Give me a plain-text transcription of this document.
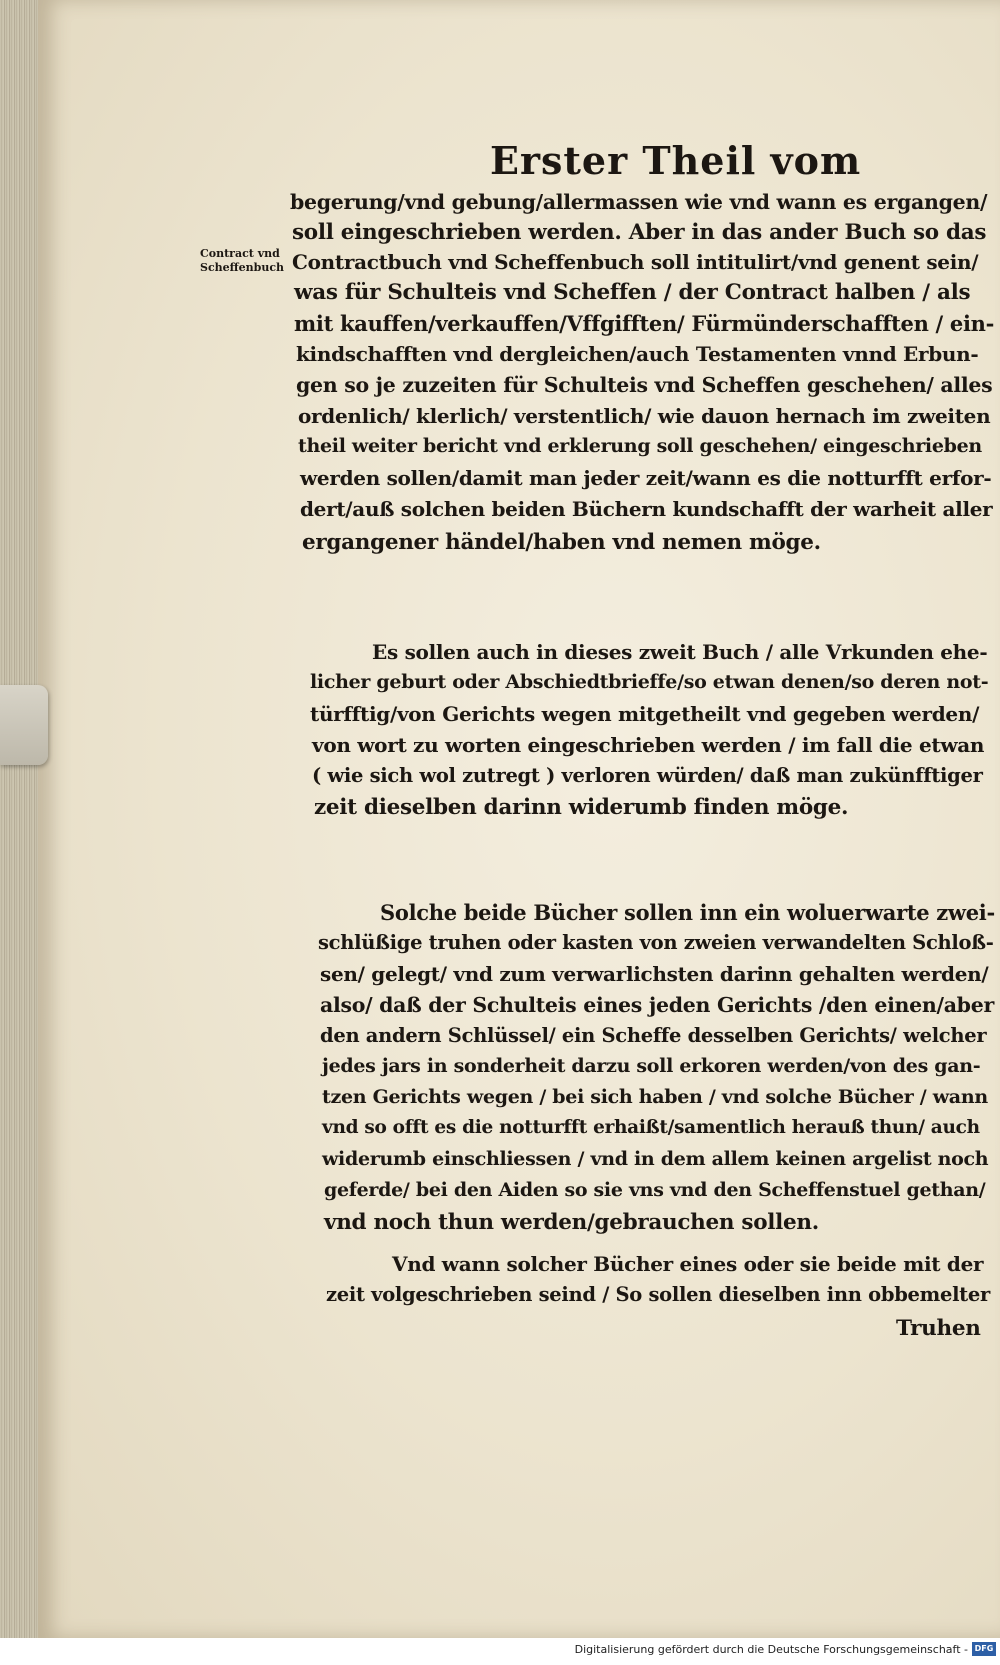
Erster Theil vom
Contract vnd
Scheffenbuch
begerung/vnd gebung/allermassen wie vnd wann es ergangen/
soll eingeschrieben werden. Aber in das ander Buch so das
Contractbuch vnd Scheffenbuch soll intitulirt/vnd genent sein/
was für Schulteis vnd Scheffen / der Contract halben / als
mit kauffen/verkauffen/Vffgifften/ Fürmünderschafften / ein-
kindschafften vnd dergleichen/auch Testamenten vnnd Erbun-
gen so je zuzeiten für Schulteis vnd Scheffen geschehen/ alles
ordenlich/ klerlich/ verstentlich/ wie dauon hernach im zweiten
theil weiter bericht vnd erklerung soll geschehen/ eingeschrieben
werden sollen/damit man jeder zeit/wann es die notturfft erfor-
dert/auß solchen beiden Büchern kundschafft der warheit aller
ergangener händel/haben vnd nemen möge.
Es sollen auch in dieses zweit Buch / alle Vrkunden ehe-
licher geburt oder Abschiedtbrieffe/so etwan denen/so deren not-
türfftig/von Gerichts wegen mitgetheilt vnd gegeben werden/
von wort zu worten eingeschrieben werden / im fall die etwan
( wie sich wol zutregt ) verloren würden/ daß man zukünfftiger
zeit dieselben darinn widerumb finden möge.
Solche beide Bücher sollen inn ein woluerwarte zwei-
schlüßige truhen oder kasten von zweien verwandelten Schloß-
sen/ gelegt/ vnd zum verwarlichsten darinn gehalten werden/
also/ daß der Schulteis eines jeden Gerichts /den einen/aber
den andern Schlüssel/ ein Scheffe desselben Gerichts/ welcher
jedes jars in sonderheit darzu soll erkoren werden/von des gan-
tzen Gerichts wegen / bei sich haben / vnd solche Bücher / wann
vnd so offt es die notturfft erhaißt/samentlich herauß thun/ auch
widerumb einschliessen / vnd in dem allem keinen argelist noch
geferde/ bei den Aiden so sie vns vnd den Scheffenstuel gethan/
vnd noch thun werden/gebrauchen sollen.
Vnd wann solcher Bücher eines oder sie beide mit der
zeit volgeschrieben seind / So sollen dieselben inn obbemelter
Truhen
Digitalisierung gefördert durch die Deutsche Forschungsgemeinschaft - DFG
